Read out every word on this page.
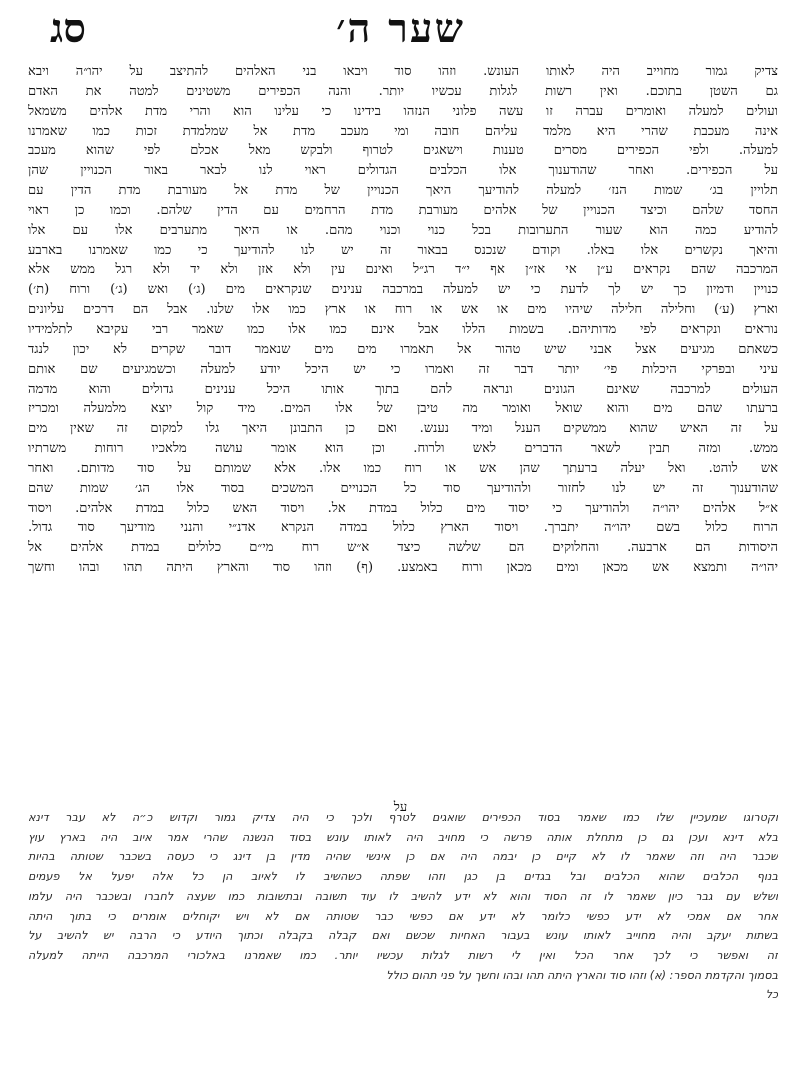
שער ה׳
סג
צדיק גמור מחוייב היה לאותו העונש. וזהו סוד ויבאו בני האלהים להתיצב על יהו״ה ויבא
גם השטן בתוכם. ואין רשות לגלות עכשיו יותר. והנה הכפירים משטינים למטה את האדם
ועולים למעלה ואומרים עברה זו עשה פלוני הנזהו בידינו כי עלינו הוא והרי מדת אלהים משמאל
אינה מעכבת שהרי היא מלמד עליהם חובה ומי מעכב מדת אל שמלמדת זכות כמו שאמרנו
למעלה. ולפי הכפירים מסרים טענות וישאגים לטרוף ולבקש מאל אכלם לפי שהוא מעכב
על הכפירים. ואחר שהודענוך אלו הכלבים הגדולים ראוי לנו לבאר באור הכנויין שהן
תלויין בג׳ שמות הנז׳ למעלה להודיעך היאך הכנויין של מדת אל מעורבת מדת הדין עם
החסד שלהם וכיצד הכנויין של אלהים מעורבת מדת הרחמים עם הדין שלהם. וכמו כן ראוי
להודיע כמה הוא שעור התערובות בכל כנוי וכנוי מהם. או היאך מתערבים אלו עם אלו
והיאך נקשרים אלו באלו. וקודם שנכנס בבאור זה יש לנו להודיעך כי כמו שאמרנו בארבע
המרכבה שהם נקראים ע״ן אי אז״ן אף י״ד רג״ל ואינם עין ולא אזן ולא יד ולא רגל ממש אלא
כנויין ודמיון כך יש לך לדעת כי יש למעלה במרכבה ענינים שנקראים מים (ג׳) ואש (ג׳) ורוח (ת׳)
וארץ (ע׳) וחלילה חלילה שיהיו מים או אש או רוח או ארץ כמו אלו שלנו. אבל הם דרכים עליונים
נוראים ונקראים לפי מדותיהם. בשמות הללו אבל אינם כמו אלו כמו שאמר רבי עקיבא לתלמידיו
כשאתם מגיעים אצל אבני שיש טהור אל תאמרו מים מים שנאמר דובר שקרים לא יכון לנגד
עיני ובפרקי היכלות פי׳ יותר דבר זה ואמרו כי יש היכל יודע למעלה וכשמגיעים שם אותם
העולים למרכבה שאינם הגונים ונראה להם בתוך אותו היכל ענינים גדולים והוא מדמה
ברעתו שהם מים והוא שואל ואומר מה טיבן של אלו המים. מיד קול יוצא מלמעלה ומכריז
על זה האיש שהוא ממשקים הענל ומיד נענש. ואם כן התבונן היאך גלו למקום זה שאין מים
ממש. ומזה תבין לשאר הדברים לאש ולרוח. וכן הוא אומר עושה מלאכיו רוחות משרתיו
אש לוהט. ואל יעלה ברעתך שהן אש או רוח כמו אלו. אלא שמותם על סוד מדותם. ואחר
שהודענוך זה יש לנו לחזור ולהודיעך סוד כל הכנויים המשכים בסוד אלו הג׳ שמות שהם
א״ל אלהים יהו״ה ולהודיעך כי יסוד מים כלול במדת אל. ויסוד האש כלול במדת אלהים. ויסוד
הרוח כלול בשם יהו״ה יתברך. ויסוד הארץ כלול במדה הנקרא אדנ״י והנני מודיעך סוד גדול.
היסודות הם ארבעה. והחלוקים הם שלשה כיצד א״ש רוח מי״ם כלולים במדת אלהים אל
יהו״ה ותמצא אש מכאן ומים מכאן ורוח באמצע. (ף) וזהו סוד והארץ היתה תהו ובהו וחשך
על
וקטרוגו שמעכיין שלו כמו שאמר בסוד הכפירים שואגים לטרף ולכך כי היה צדיק גמור וקדוש כ״ה לא עבר דינא
בלא דינא ועכן גם כן מתחלת אותה פרשה כי מחויב היה לאותו עונש בסוד הנשנה שהרי אמר איוב היה בארץ עוץ
שכבר היה וזה שאמר לו לא קיים כן יבמה היה אם כן אינשי שהיה מדין בן דינג כי כעסה בשכבר שטותה בהיות
בנוף הכלבים שהוא הכלבים ובל בגדים בן כגן וזהו שפתה כשהשיב לו לאיוב הן כל אלה יפעל אל פעמים
ושלש עם גבר כיון שאמר לו זה הסוד והוא לא ידע להשיב לו עוד תשובה ובתשובות כמו שעצה לחברו ובשכבר היה עלמו
אחר אם אמכי לא ידע כפשי כלומר לא ידע אם כפשי כבר שטותה אם לא ויש יקוחלים אומרים כי בתוך היתה
בשתות יעקב והיה מחוייב לאותו עונש בעבור האחיות שכשם ואם קבלה בקבלה וכתוך היודע כי הרבה יש להשיב על
זה ואפשר כי לכך אחר הכל ואין לי רשות לגלות עכשיו יותר. כמו שאמרנו באלכורי המרכבה הייתה למעלה
בסמוך והקדמת הספר: (א) וזהו סוד והארץ היתה תהו ובהו וחשך על פני תהום כולל
כל
